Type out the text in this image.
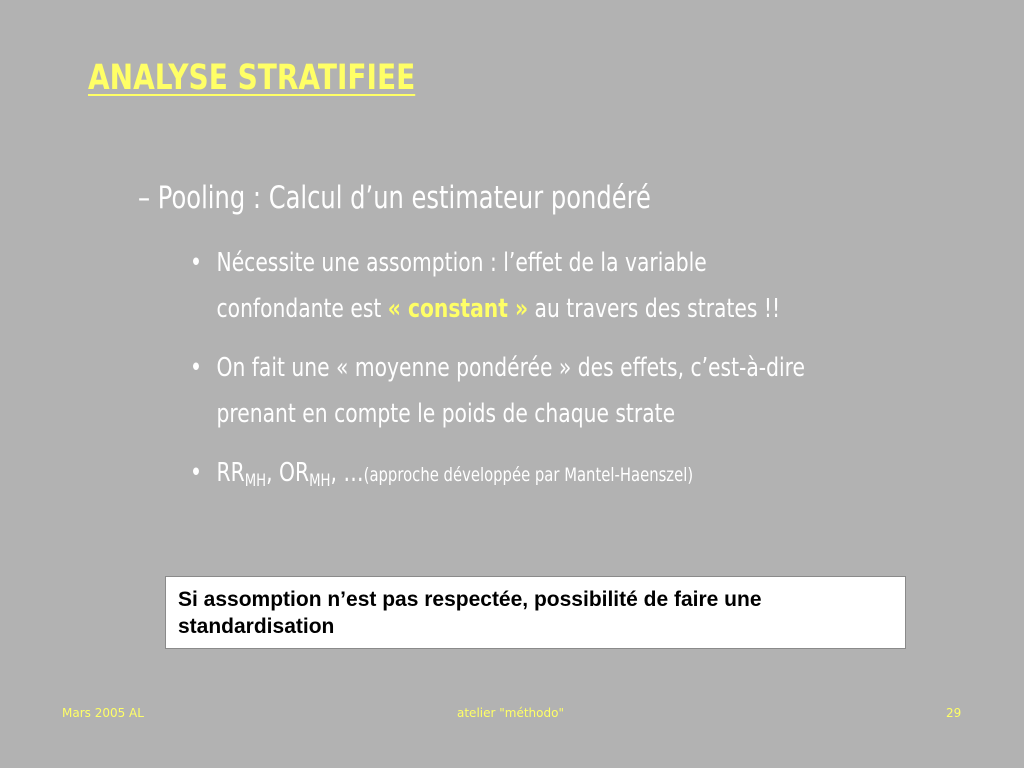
ANALYSE STRATIFIEE
– Pooling : Calcul d’un estimateur pondéré
• Nécessite une assomption : l’effet de la variable
confondante est « constant » au travers des strates !!
• On fait une « moyenne pondérée » des effets, c’est-à-dire
prenant en compte le poids de chaque strate
• $RR_{MH}$, $OR_{MH}$, …(approche développée par Mantel-Haenszel)
Si assomption n’est pas respectée, possibilité de faire une standardisation
Mars 2005 AL	atelier "méthodo"	29
